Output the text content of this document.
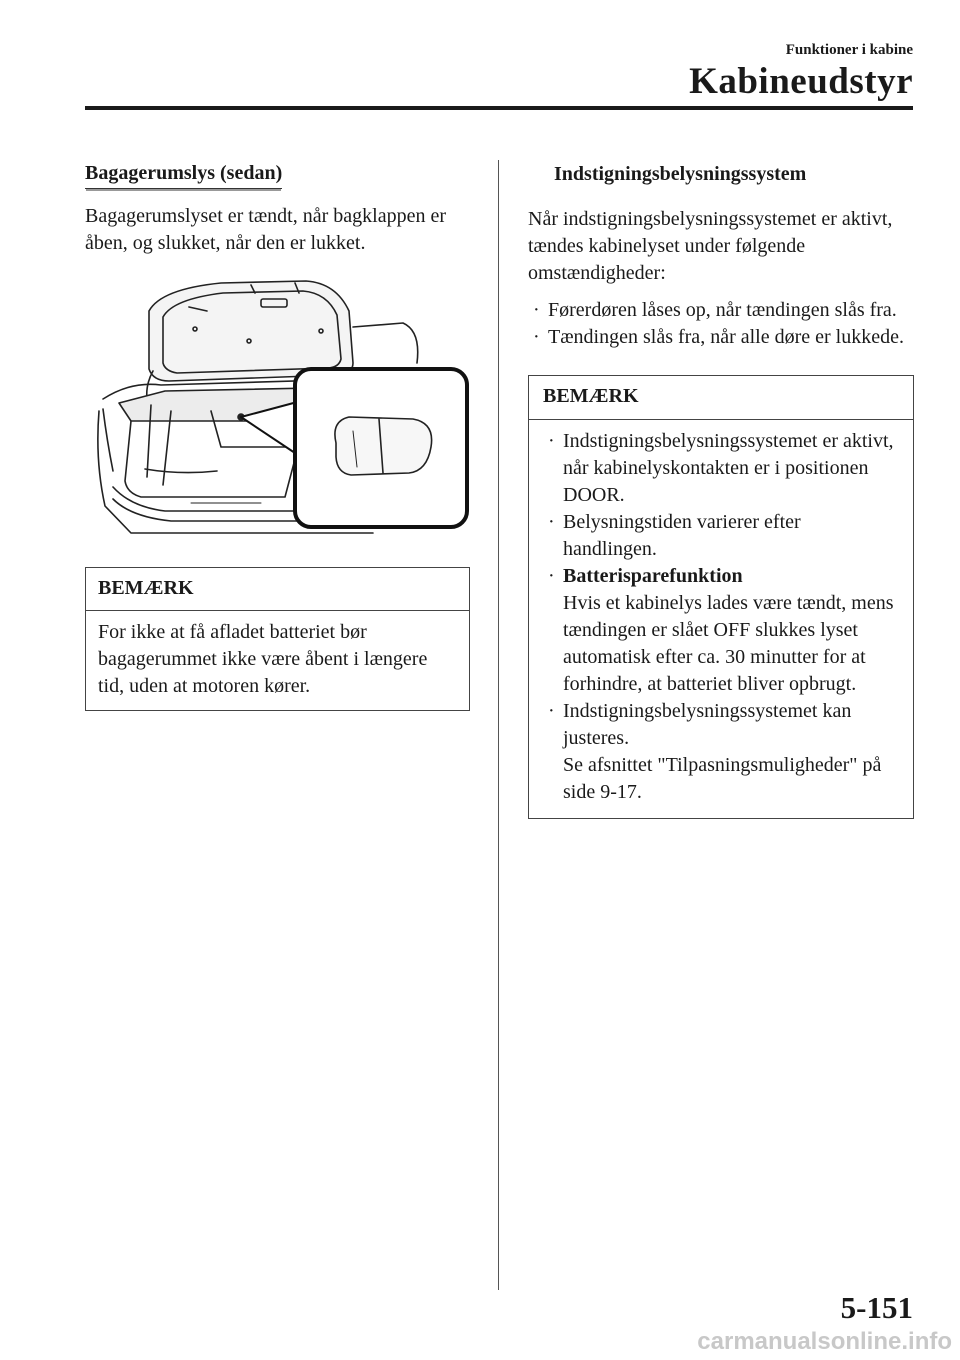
Funktioner i kabine
Kabineudstyr
Bagagerumslys (sedan)

Bagagerumslyset er tændt, når bagklappen er åben, og slukket, når den er lukket.

BEMÆRK
For ikke at få afladet batteriet bør bagagerummet ikke være åbent i længere tid, uden at motoren kører.
Indstigningsbelysningssystem
Når indstigningsbelysningssystemet er aktivt, tændes kabinelyset under følgende omstændigheder:
· Førerdøren låses op, når tændingen slås fra.
· Tændingen slås fra, når alle døre er lukkede.
BEMÆRK
· Indstigningsbelysningssystemet er aktivt, når kabinelyskontakten er i positionen DOOR.
· Belysningstiden varierer efter handlingen.
· Batterisparefunktion
Hvis et kabinelys lades være tændt, mens tændingen er slået OFF slukkes lyset automatisk efter ca. 30 minutter for at forhindre, at batteriet bliver opbrugt.
· Indstigningsbelysningssystemet kan justeres.
Se afsnittet "Tilpasningsmuligheder" på side 9-17.
5-151
carmanualsonline.info
